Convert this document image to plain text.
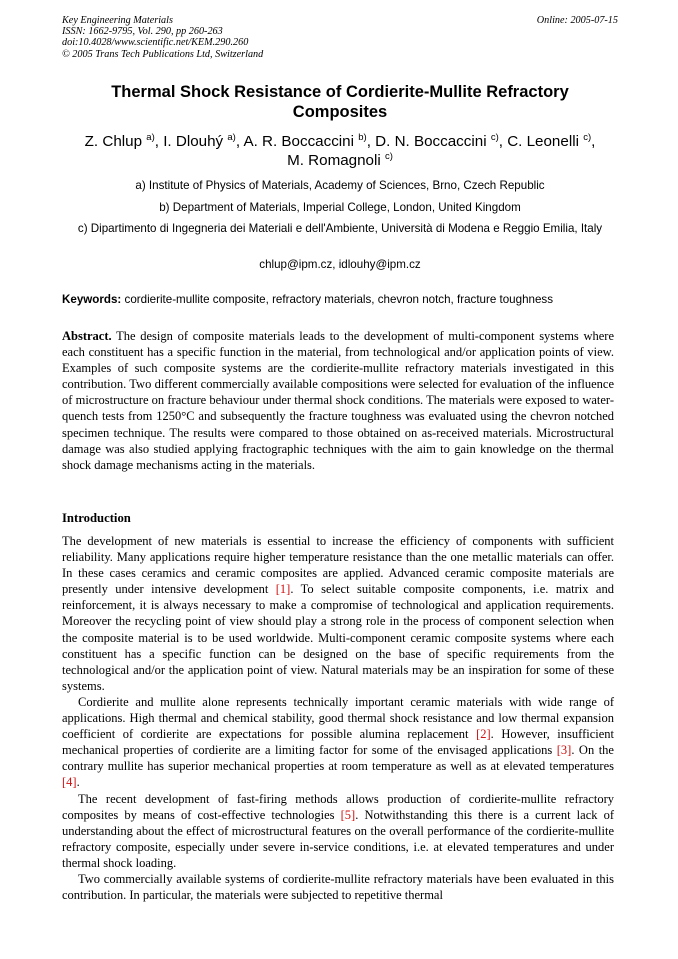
Key Engineering Materials
ISSN: 1662-9795, Vol. 290, pp 260-263
doi:10.4028/www.scientific.net/KEM.290.260
© 2005 Trans Tech Publications Ltd, Switzerland
Online: 2005-07-15
Thermal Shock Resistance of Cordierite-Mullite Refractory Composites
Z. Chlup $^{a)}$, I. Dlouhý $^{a)}$, A. R. Boccaccini $^{b)}$, D. N. Boccaccini $^{c)}$, C. Leonelli $^{c)}$,
M. Romagnoli $^{c)}$
a) Institute of Physics of Materials, Academy of Sciences, Brno, Czech Republic
b) Department of Materials, Imperial College, London, United Kingdom
c) Dipartimento di Ingegneria dei Materiali e dell'Ambiente, Università di Modena e Reggio Emilia, Italy
chlup@ipm.cz, idlouhy@ipm.cz
Keywords: cordierite-mullite composite, refractory materials, chevron notch, fracture toughness
Abstract. The design of composite materials leads to the development of multi-component systems where each constituent has a specific function in the material, from technological and/or application points of view. Examples of such composite systems are the cordierite-mullite refractory materials investigated in this contribution. Two different commercially available compositions were selected for evaluation of the influence of microstructure on fracture behaviour under thermal shock conditions. The materials were exposed to water-quench tests from 1250°C and subsequently the fracture toughness was evaluated using the chevron notched specimen technique. The results were compared to those obtained on as-received materials. Microstructural damage was also studied applying fractographic techniques with the aim to gain knowledge on the thermal shock damage mechanisms acting in the materials.
Introduction
The development of new materials is essential to increase the efficiency of components with sufficient reliability. Many applications require higher temperature resistance than the one metallic materials can offer. In these cases ceramics and ceramic composites are applied. Advanced ceramic composite materials are presently under intensive development [1]. To select suitable composite components, i.e. matrix and reinforcement, it is always necessary to make a compromise of technological and application requirements. Moreover the recycling point of view should play a strong role in the process of component selection when the composite material is to be used worldwide. Multi-component ceramic composite systems where each constituent has a specific function can be designed on the base of specific requirements from the technological and/or the application point of view. Natural materials may be an inspiration for some of these systems.
Cordierite and mullite alone represents technically important ceramic materials with wide range of applications. High thermal and chemical stability, good thermal shock resistance and low thermal expansion coefficient of cordierite are expectations for possible alumina replacement [2]. However, insufficient mechanical properties of cordierite are a limiting factor for some of the envisaged applications [3]. On the contrary mullite has superior mechanical properties at room temperature as well as at elevated temperatures [4].
The recent development of fast-firing methods allows production of cordierite-mullite refractory composites by means of cost-effective technologies [5]. Notwithstanding this there is a current lack of understanding about the effect of microstructural features on the overall performance of the cordierite-mullite refractory composite, especially under severe in-service conditions, i.e. at elevated temperatures and under thermal shock loading.
Two commercially available systems of cordierite-mullite refractory materials have been evaluated in this contribution. In particular, the materials were subjected to repetitive thermal
